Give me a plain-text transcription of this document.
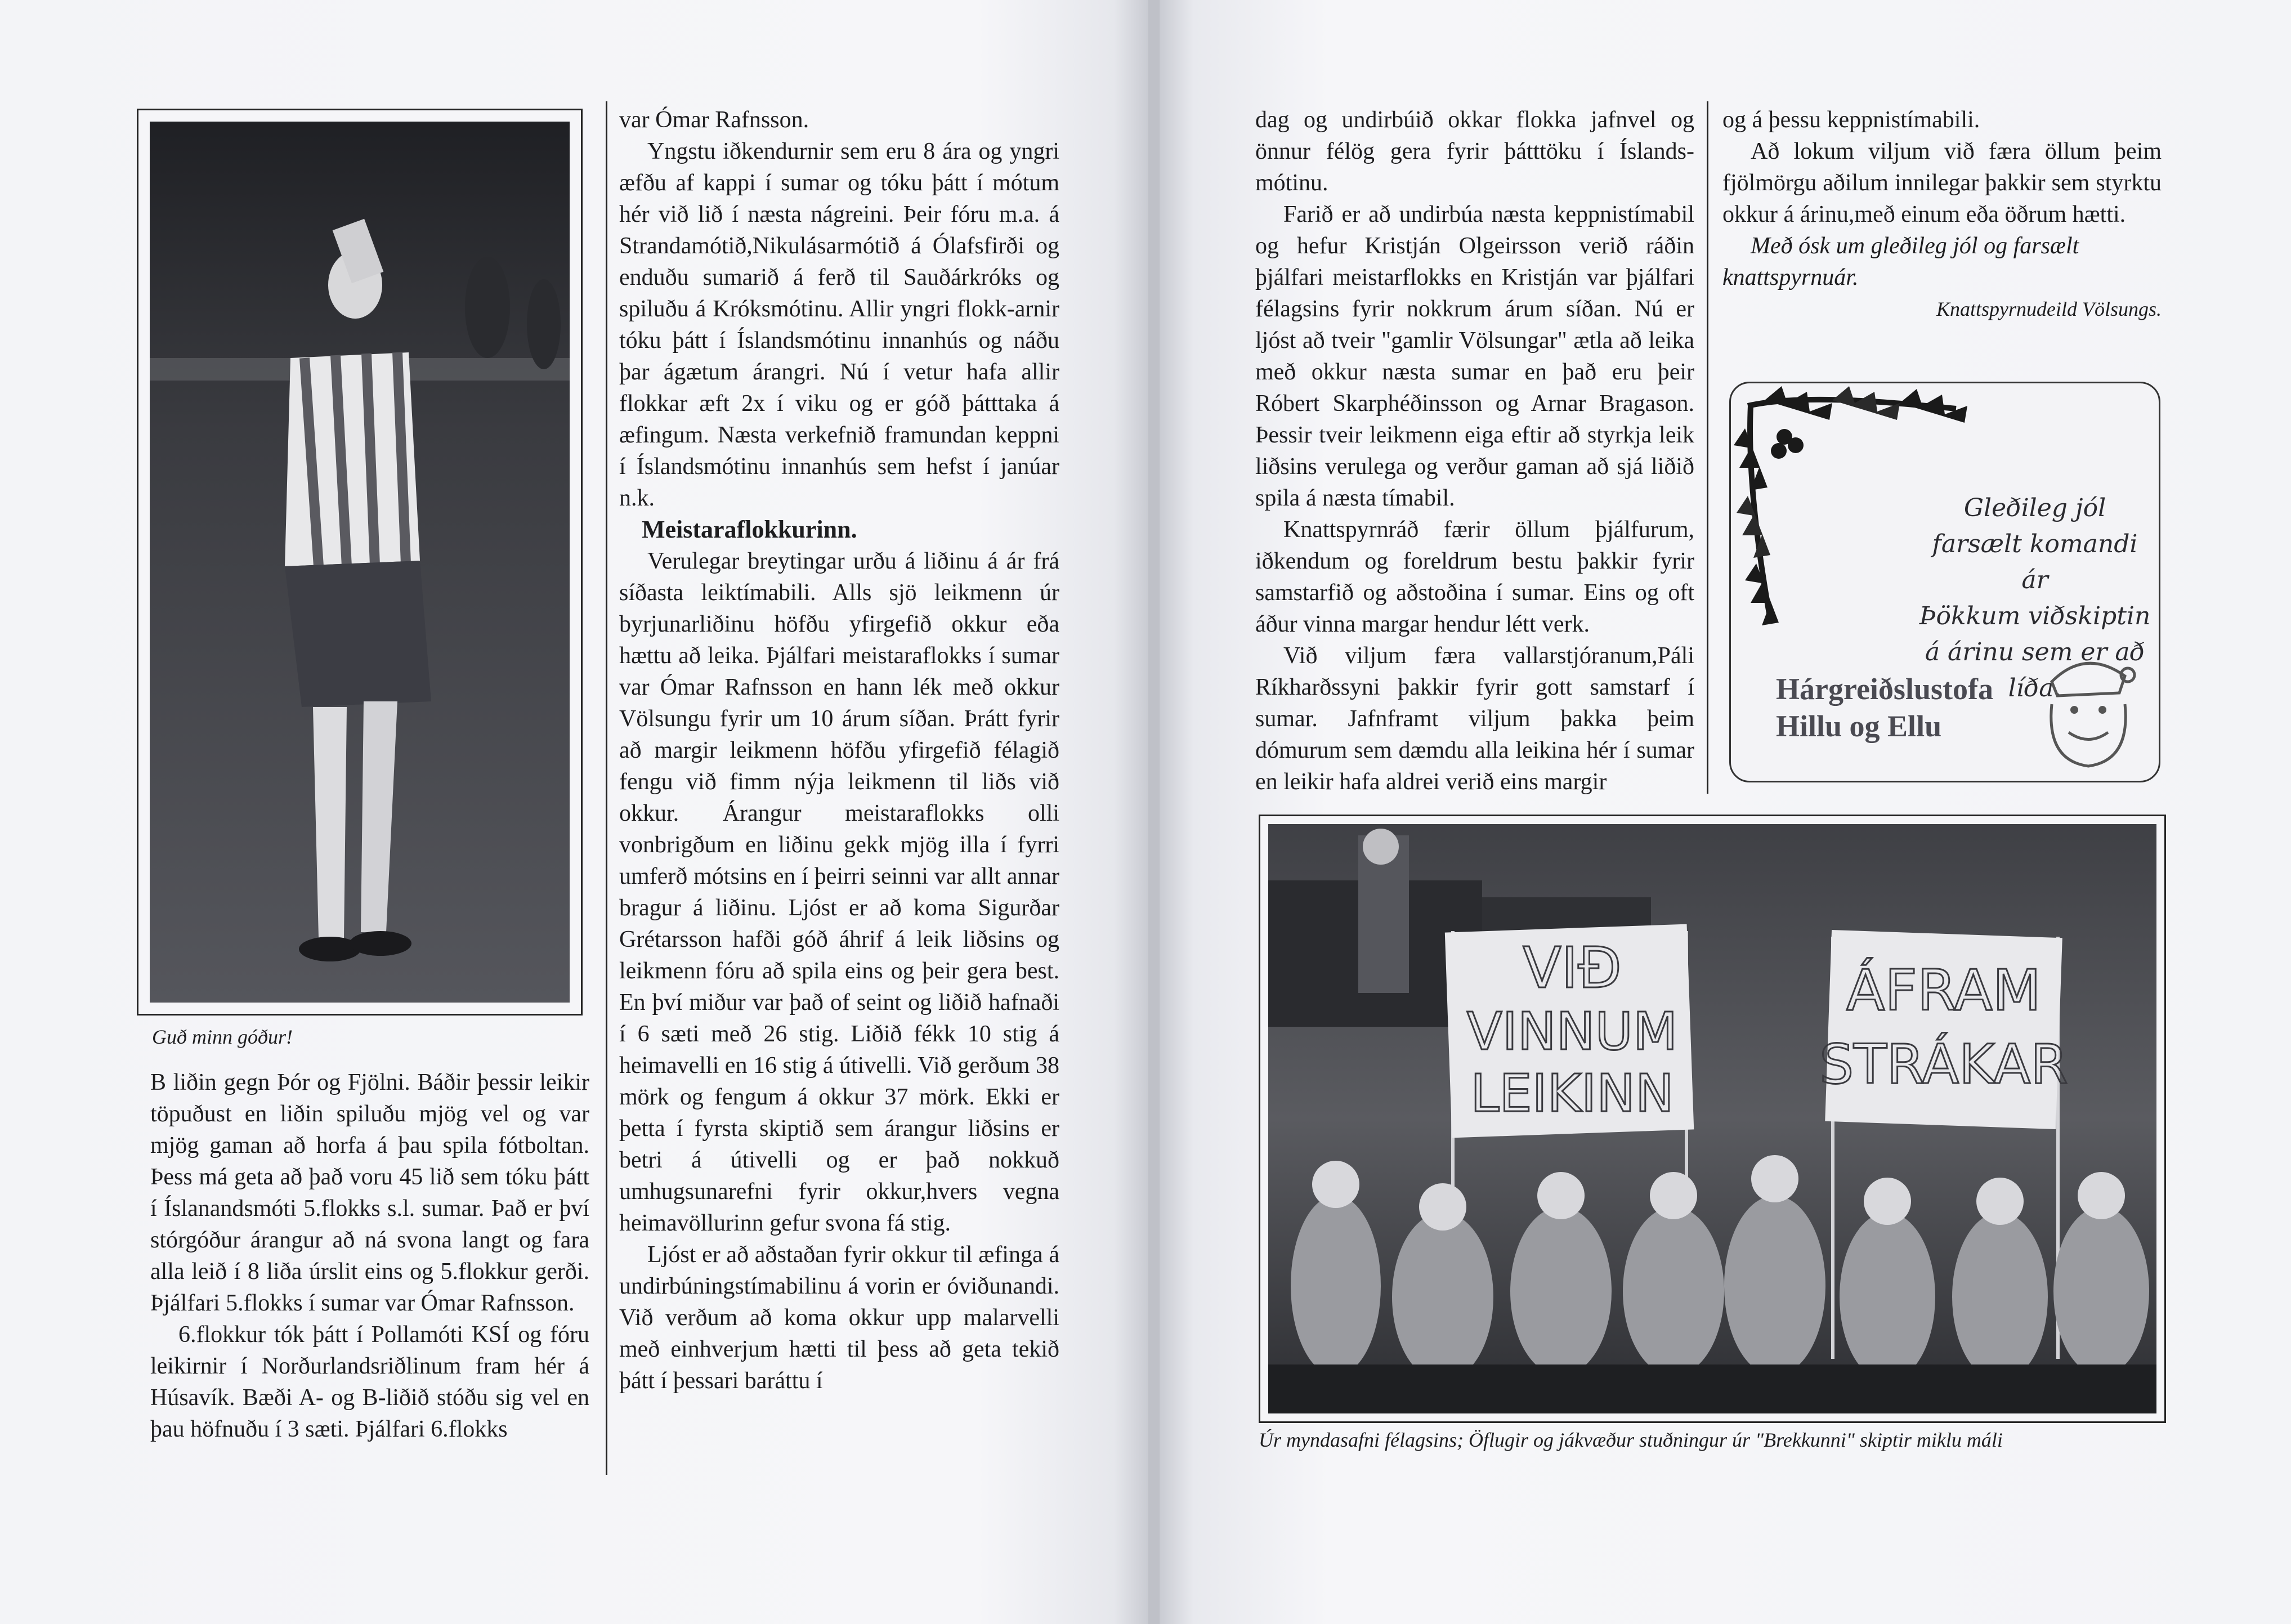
Guð minn góður!

B liðin gegn Þór og Fjölni. Báðir þessir leikir töpuðust en liðin spiluðu mjög vel og var mjög gaman að horfa á þau spila fótboltan. Þess má geta að það voru 45 lið sem tóku þátt í Íslanandsmóti 5.flokks s.l. sumar. Það er því stórgóður árangur að ná svona langt og fara alla leið í 8 liða úrslit eins og 5.flokkur gerði. Þjálfari 5.flokks í sumar var Ómar Rafnsson.

6.flokkur tók þátt í Pollamóti KSÍ og fóru leikirnir í Norðurlandsriðlinum fram hér á Húsavík. Bæði A- og B-liðið stóðu sig vel en þau höfnuðu í 3 sæti. Þjálfari 6.flokks

var Ómar Rafnsson.

Yngstu iðkendurnir sem eru 8 ára og yngri æfðu af kappi í sumar og tóku þátt í mótum hér við lið í næsta nágreini. Þeir fóru m.a. á Strandamótið,Nikulásarmótið á Ólafsfirði og enduðu sumarið á ferð til Sauðárkróks og spiluðu á Króksmótinu. Allir yngri flokk-arnir tóku þátt í Íslandsmótinu innanhús og náðu þar ágætum árangri. Nú í vetur hafa allir flokkar æft 2x í viku og er góð þátttaka á æfingum. Næsta verkefnið framundan keppni í Íslandsmótinu innanhús sem hefst í janúar n.k.

Meistaraflokkurinn.

Verulegar breytingar urðu á liðinu á ár frá síðasta leiktímabili. Alls sjö leikmenn úr byrjunarliðinu höfðu yfirgefið okkur eða hættu að leika. Þjálfari meistaraflokks í sumar var Ómar Rafnsson en hann lék með okkur Völsungu fyrir um 10 árum síðan. Þrátt fyrir að margir leikmenn höfðu yfirgefið félagið fengu við fimm nýja leikmenn til liðs við okkur. Árangur meistaraflokks olli vonbrigðum en liðinu gekk mjög illa í fyrri umferð mótsins en í þeirri seinni var allt annar bragur á liðinu. Ljóst er að koma Sigurðar Grétarsson hafði góð áhrif á leik liðsins og leikmenn fóru að spila eins og þeir gera best. En því miður var það of seint og liðið hafnaði í 6 sæti með 26 stig. Liðið fékk 10 stig á heimavelli en 16 stig á útivelli. Við gerðum 38 mörk og fengum á okkur 37 mörk. Ekki er þetta í fyrsta skiptið sem árangur liðsins er betri á útivelli og er það nokkuð umhugsunarefni fyrir okkur,hvers vegna heimavöllurinn gefur svona fá stig.

Ljóst er að aðstaðan fyrir okkur til æfinga á undirbúningstímabilinu á vorin er óviðunandi. Við verðum að koma okkur upp malarvelli með einhverjum hætti til þess að geta tekið þátt í þessari baráttu í

dag og undirbúið okkar flokka jafnvel og önnur félög gera fyrir þátttöku í Íslands-mótinu.

Farið er að undirbúa næsta keppnistímabil og hefur Kristján Olgeirsson verið ráðin þjálfari meistarflokks en Kristján var þjálfari félagsins fyrir nokkrum árum síðan. Nú er ljóst að tveir "gamlir Völsungar" ætla að leika með okkur næsta sumar en það eru þeir Róbert Skarphéðinsson og Arnar Bragason. Þessir tveir leikmenn eiga eftir að styrkja leik liðsins verulega og verður gaman að sjá liðið spila á næsta tímabil.

Knattspyrnráð færir öllum þjálfurum, iðkendum og foreldrum bestu þakkir fyrir samstarfið og aðstoðina í sumar. Eins og oft áður vinna margar hendur létt verk.

Við viljum færa vallarstjóranum,Páli Ríkharðssyni þakkir fyrir gott samstarf í sumar. Jafnframt viljum þakka þeim dómurum sem dæmdu alla leikina hér í sumar en leikir hafa aldrei verið eins margir

og á þessu keppnistímabili.

Að lokum viljum við færa öllum þeim fjölmörgu aðilum innilegar þakkir sem styrktu okkur á árinu,með einum eða öðrum hætti.

Með ósk um gleðileg jól og farsælt knattspyrnuár.

Knattspyrnudeild Völsungs.

Gleðileg jól
farsælt komandi ár
Þökkum viðskiptin
á árinu sem er að líða.
Hárgreiðslustofa
Hillu og Ellu
VIÐ
VINNUM
LEIKINN
ÁFRAM
STRÁKAR
Úr myndasafni félagsins; Öflugir og jákvæður stuðningur úr "Brekkunni" skiptir miklu máli
